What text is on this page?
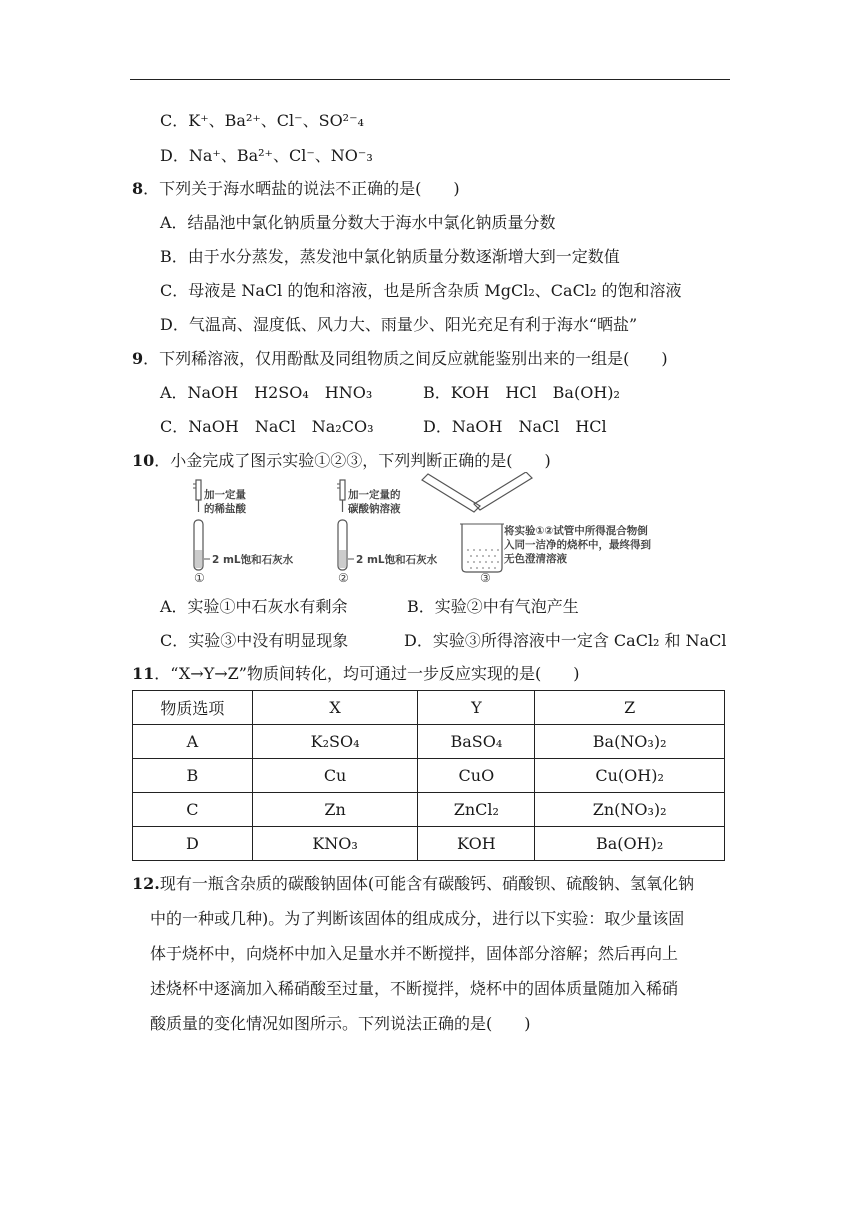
C．K⁺、Ba²⁺、Cl⁻、SO²⁻₄
D．Na⁺、Ba²⁺、Cl⁻、NO⁻₃
8．下列关于海水晒盐的说法不正确的是(　　)
A．结晶池中氯化钠质量分数大于海水中氯化钠质量分数
B．由于水分蒸发，蒸发池中氯化钠质量分数逐渐增大到一定数值
C．母液是 NaCl 的饱和溶液，也是所含杂质 MgCl₂、CaCl₂ 的饱和溶液
D．气温高、湿度低、风力大、雨量少、阳光充足有利于海水“晒盐”
9．下列稀溶液，仅用酚酞及同组物质之间反应就能鉴别出来的一组是(　　)
A．NaOH　H2SO₄　HNO₃	B．KOH　HCl　Ba(OH)₂
C．NaOH　NaCl　Na₂CO₃	D．NaOH　NaCl　HCl
10．小金完成了图示实验①②③，下列判断正确的是(　　)
加一定量
的稀盐酸
2 mL饱和石灰水
①
加一定量的
碳酸钠溶液
2 mL饱和石灰水
②
将实验①②试管中所得混合物倒
入同一洁净的烧杯中，最终得到
无色澄清溶液
③
A．实验①中石灰水有剩余	B．实验②中有气泡产生
C．实验③中没有明显现象	D．实验③所得溶液中一定含 CaCl₂ 和 NaCl
11．“X→Y→Z”物质间转化，均可通过一步反应实现的是(　　)
物质选项	X	Y	Z
A	K₂SO₄	BaSO₄	Ba(NO₃)₂
B	Cu	CuO	Cu(OH)₂
C	Zn	ZnCl₂	Zn(NO₃)₂
D	KNO₃	KOH	Ba(OH)₂
12.现有一瓶含杂质的碳酸钠固体(可能含有碳酸钙、硝酸钡、硫酸钠、氢氧化钠
中的一种或几种)。为了判断该固体的组成成分，进行以下实验：取少量该固
体于烧杯中，向烧杯中加入足量水并不断搅拌，固体部分溶解；然后再向上
述烧杯中逐滴加入稀硝酸至过量，不断搅拌，烧杯中的固体质量随加入稀硝
酸质量的变化情况如图所示。下列说法正确的是(　　)
